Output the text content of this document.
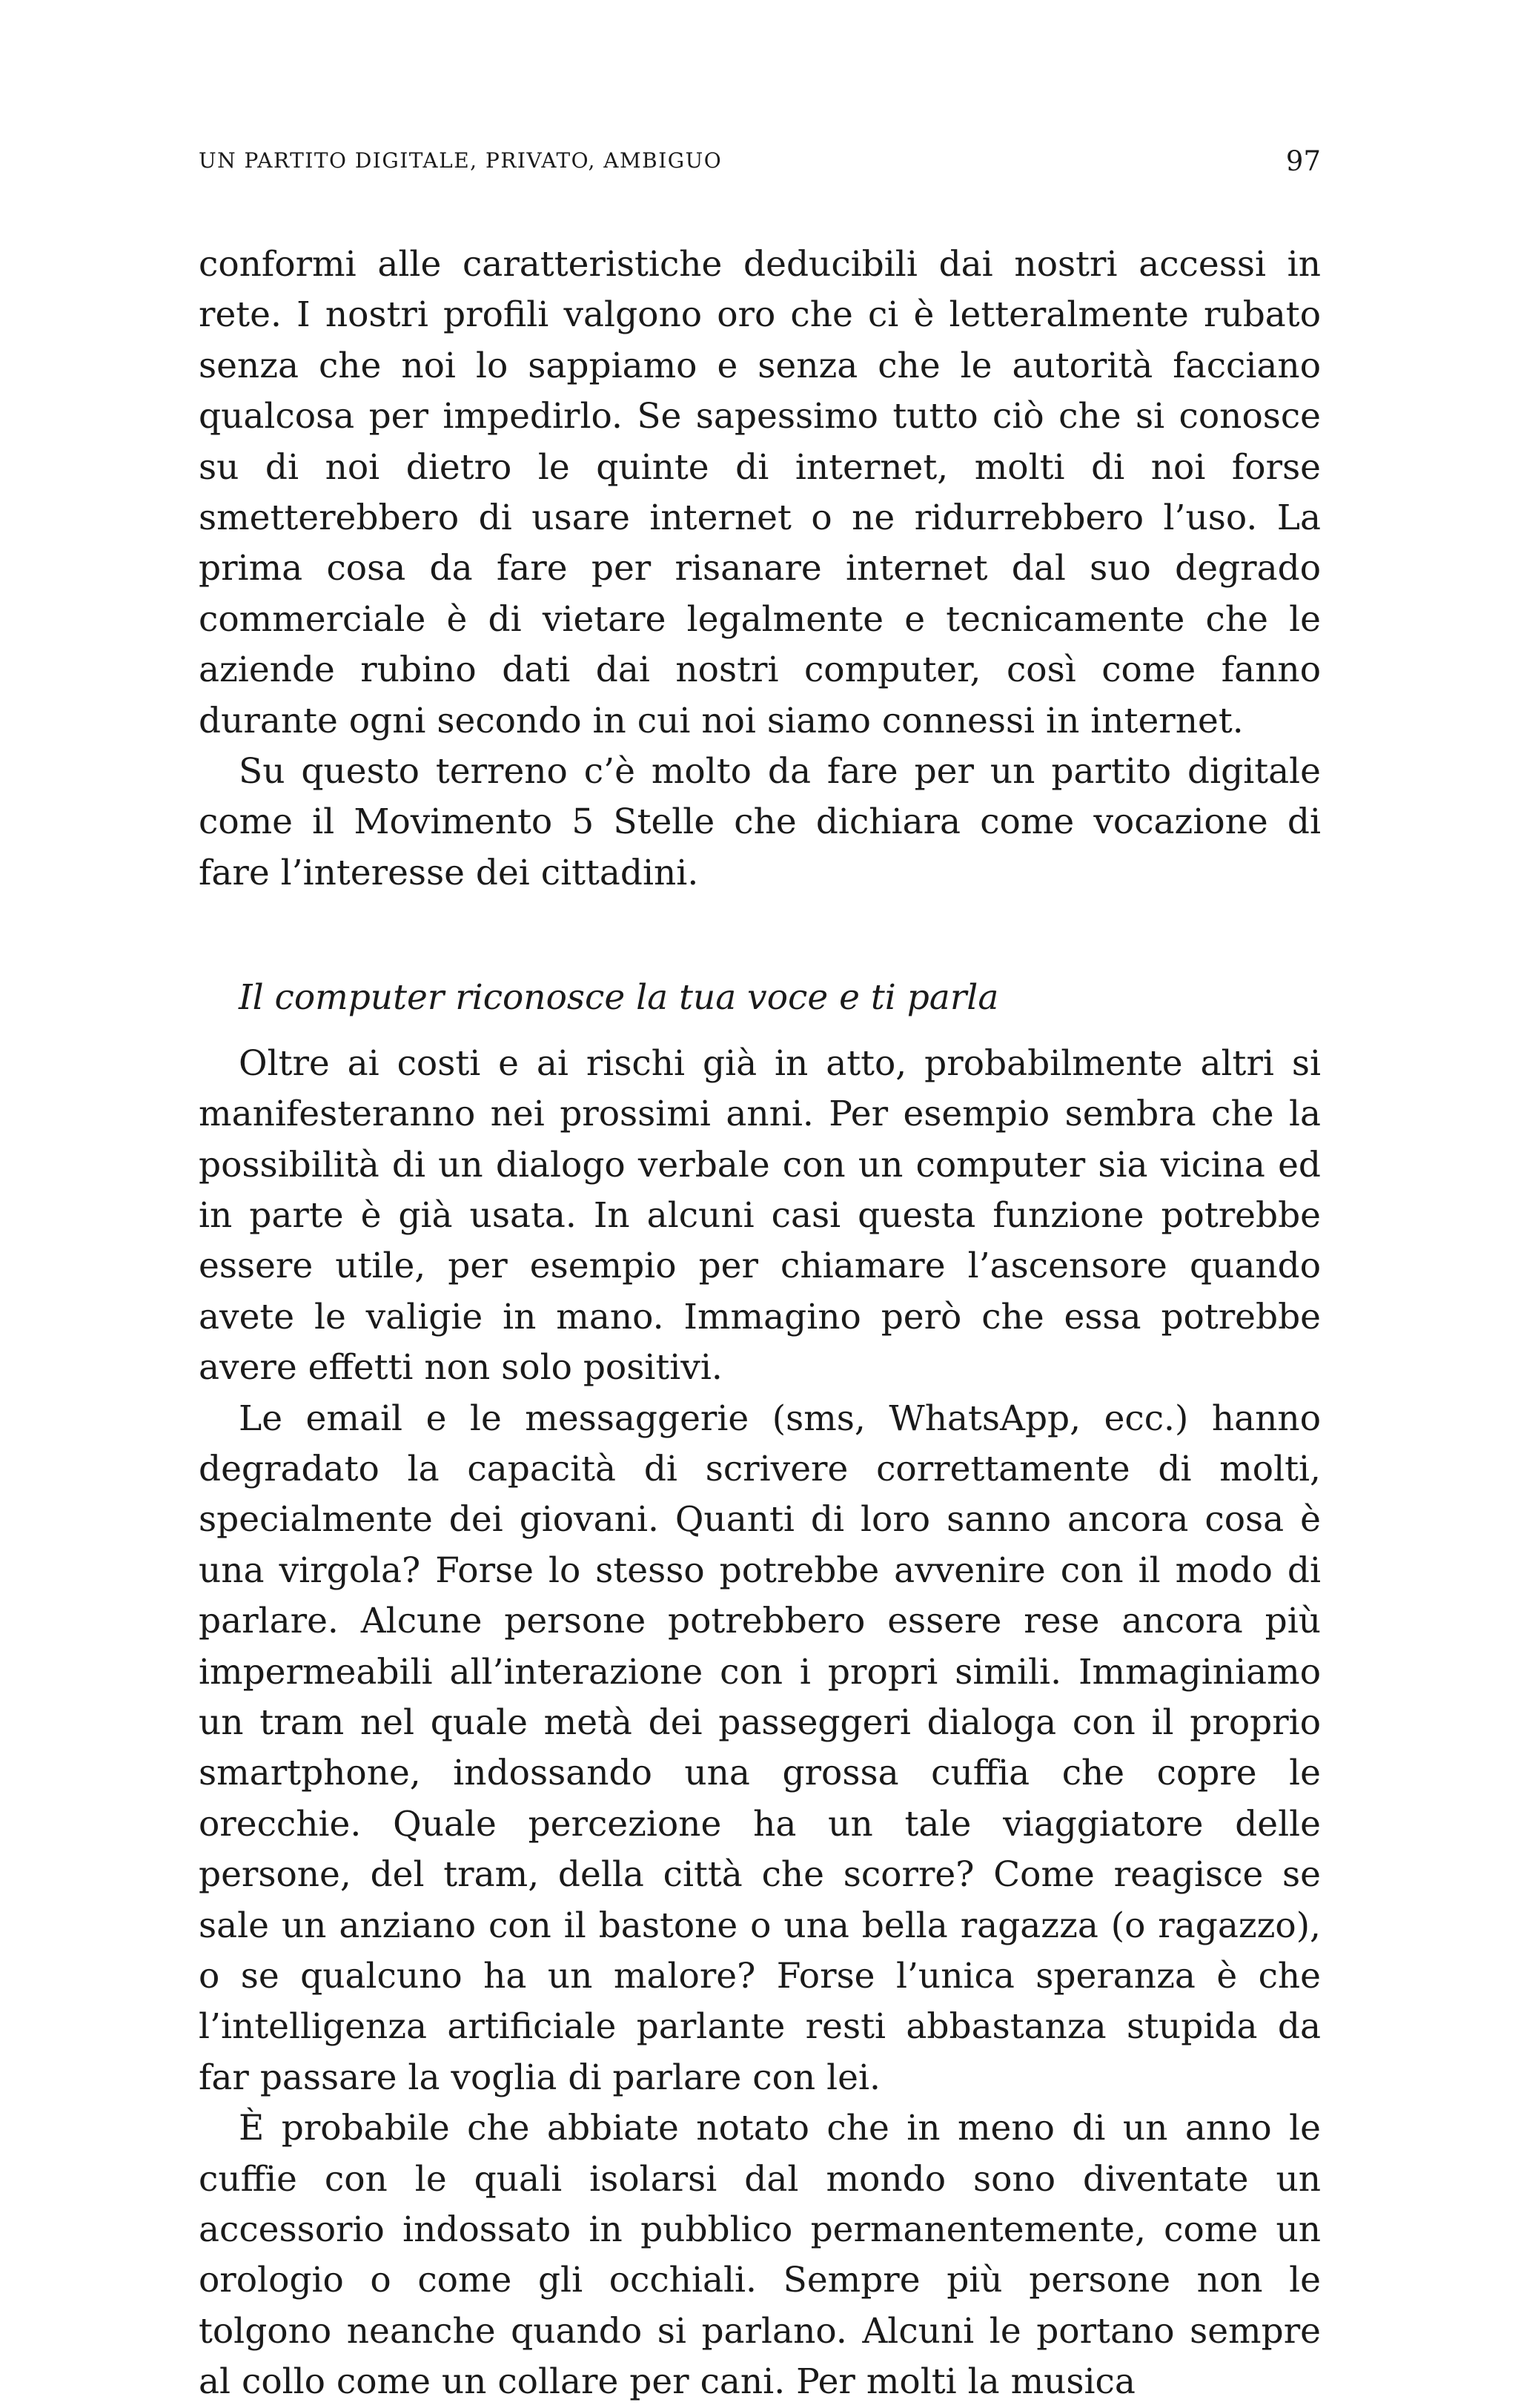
UN PARTITO DIGITALE, PRIVATO, AMBIGUO	97

conformi alle caratteristiche deducibili dai nostri accessi in rete. I nostri profili valgono oro che ci è letteralmente rubato senza che noi lo sappiamo e senza che le autorità facciano qualcosa per impedirlo. Se sapessimo tutto ciò che si conosce su di noi dietro le quinte di internet, molti di noi forse smetterebbero di usare internet o ne ridurrebbero l’uso. La prima cosa da fare per risanare internet dal suo degrado commerciale è di vietare legalmente e tecnicamente che le aziende rubino dati dai nostri computer, così come fanno durante ogni secondo in cui noi siamo connessi in internet.

Su questo terreno c’è molto da fare per un partito digitale come il Movimento 5 Stelle che dichiara come vocazione di fare l’interesse dei cittadini.

Il computer riconosce la tua voce e ti parla

Oltre ai costi e ai rischi già in atto, probabilmente altri si manifesteranno nei prossimi anni. Per esempio sembra che la possibilità di un dialogo verbale con un computer sia vicina ed in parte è già usata. In alcuni casi questa funzione potrebbe essere utile, per esempio per chiamare l’ascensore quando avete le valigie in mano. Immagino però che essa potrebbe avere effetti non solo positivi.

Le email e le messaggerie (sms, WhatsApp, ecc.) hanno degradato la capacità di scrivere correttamente di molti, specialmente dei giovani. Quanti di loro sanno ancora cosa è una virgola? Forse lo stesso potrebbe avvenire con il modo di parlare. Alcune persone potrebbero essere rese ancora più impermeabili all’interazione con i propri simili. Immaginiamo un tram nel quale metà dei passeggeri dialoga con il proprio smartphone, indossando una grossa cuffia che copre le orecchie. Quale percezione ha un tale viaggiatore delle persone, del tram, della città che scorre? Come reagisce se sale un anziano con il bastone o una bella ragazza (o ragazzo), o se qualcuno ha un malore? Forse l’unica speranza è che l’intelligenza artificiale parlante resti abbastanza stupida da far passare la voglia di parlare con lei.

È probabile che abbiate notato che in meno di un anno le cuffie con le quali isolarsi dal mondo sono diventate un accessorio indossato in pubblico permanentemente, come un orologio o come gli occhiali. Sempre più persone non le tolgono neanche quando si parlano. Alcuni le portano sempre al collo come un collare per cani. Per molti la musica
